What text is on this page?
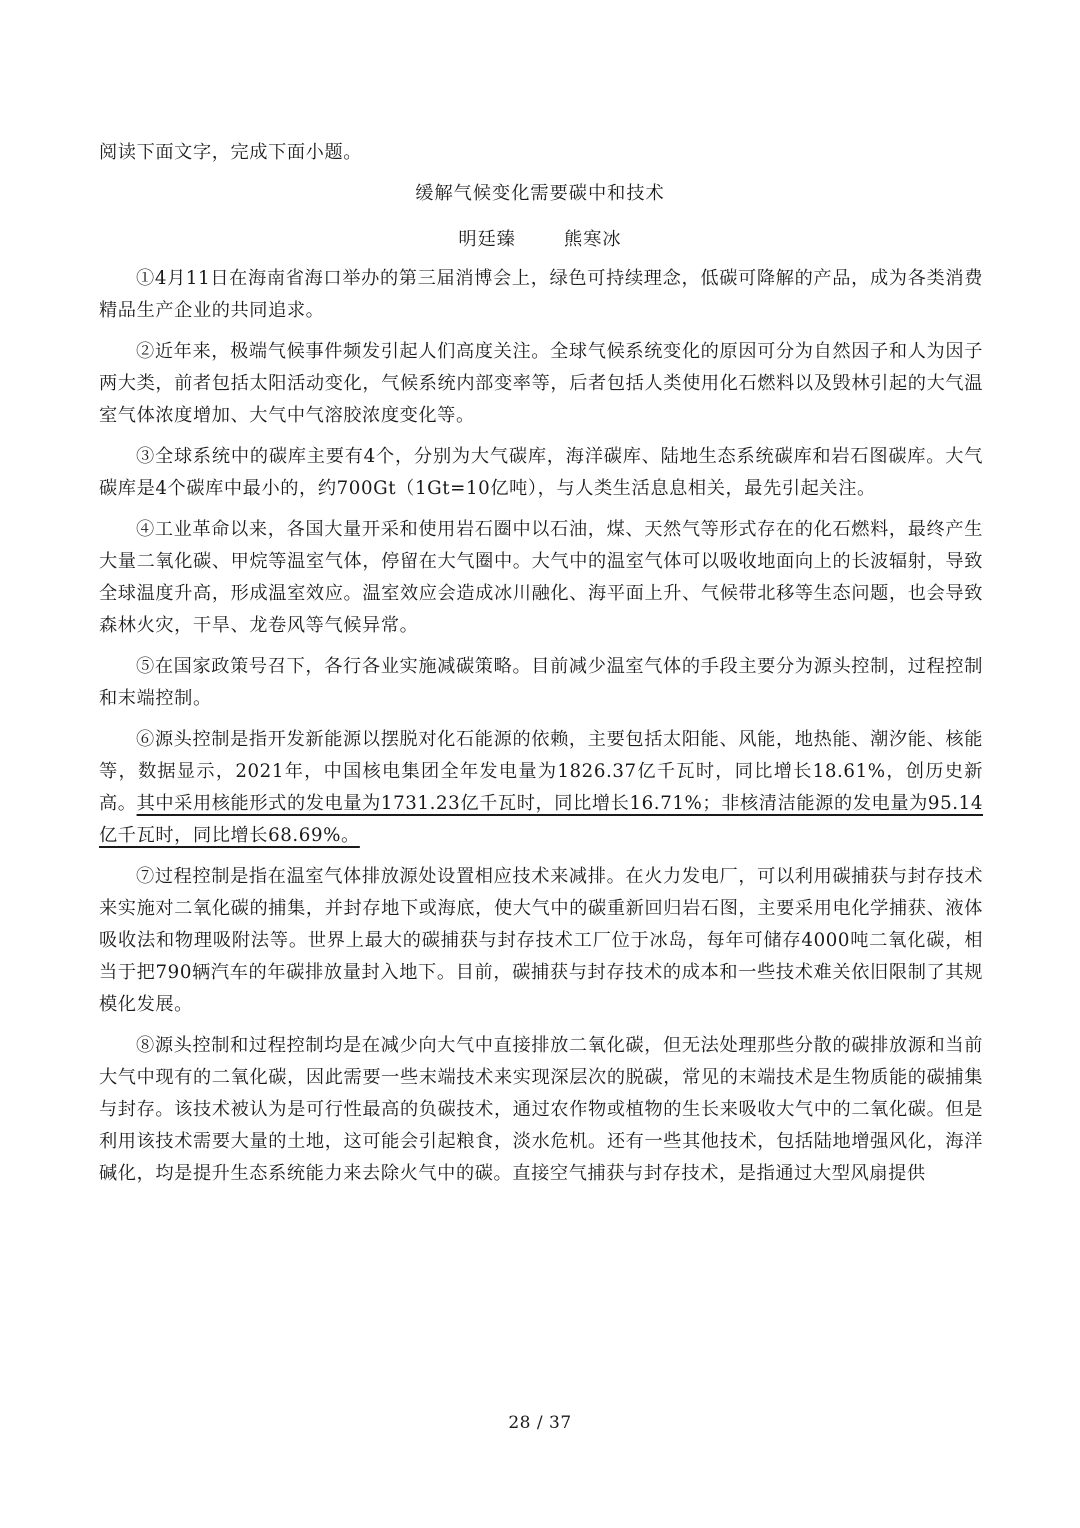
阅读下面文字，完成下面小题。
缓解气候变化需要碳中和技术
明廷臻	熊寒冰

①4月11日在海南省海口举办的第三届消博会上，绿色可持续理念，低碳可降解的产品，成为各类消费精品生产企业的共同追求。

②近年来，极端气候事件频发引起人们高度关注。全球气候系统变化的原因可分为自然因子和人为因子两大类，前者包括太阳活动变化，气候系统内部变率等，后者包括人类使用化石燃料以及毁林引起的大气温室气体浓度增加、大气中气溶胶浓度变化等。

③全球系统中的碳库主要有4个，分别为大气碳库，海洋碳库、陆地生态系统碳库和岩石图碳库。大气碳库是4个碳库中最小的，约700Gt（1Gt=10亿吨），与人类生活息息相关，最先引起关注。

④工业革命以来，各国大量开采和使用岩石圈中以石油，煤、天然气等形式存在的化石燃料，最终产生大量二氧化碳、甲烷等温室气体，停留在大气圈中。大气中的温室气体可以吸收地面向上的长波辐射，导致全球温度升高，形成温室效应。温室效应会造成冰川融化、海平面上升、气候带北移等生态问题，也会导致森林火灾，干旱、龙卷风等气候异常。

⑤在国家政策号召下，各行各业实施减碳策略。目前减少温室气体的手段主要分为源头控制，过程控制和末端控制。

⑥源头控制是指开发新能源以摆脱对化石能源的依赖，主要包括太阳能、风能，地热能、潮汐能、核能等，数据显示，2021年，中国核电集团全年发电量为1826.37亿千瓦时，同比增长18.61%，创历史新高。其中采用核能形式的发电量为1731.23亿千瓦时，同比增长16.71%；非核清洁能源的发电量为95.14亿千瓦时，同比增长68.69%。

⑦过程控制是指在温室气体排放源处设置相应技术来减排。在火力发电厂，可以利用碳捕获与封存技术来实施对二氧化碳的捕集，并封存地下或海底，使大气中的碳重新回归岩石图，主要采用电化学捕获、液体吸收法和物理吸附法等。世界上最大的碳捕获与封存技术工厂位于冰岛，每年可储存4000吨二氧化碳，相当于把790辆汽车的年碳排放量封入地下。目前，碳捕获与封存技术的成本和一些技术难关依旧限制了其规模化发展。

⑧源头控制和过程控制均是在减少向大气中直接排放二氧化碳，但无法处理那些分散的碳排放源和当前大气中现有的二氧化碳，因此需要一些末端技术来实现深层次的脱碳，常见的末端技术是生物质能的碳捕集与封存。该技术被认为是可行性最高的负碳技术，通过农作物或植物的生长来吸收大气中的二氧化碳。但是利用该技术需要大量的土地，这可能会引起粮食，淡水危机。还有一些其他技术，包括陆地增强风化，海洋碱化，均是提升生态系统能力来去除火气中的碳。直接空气捕获与封存技术，是指通过大型风扇提供

28 / 37
